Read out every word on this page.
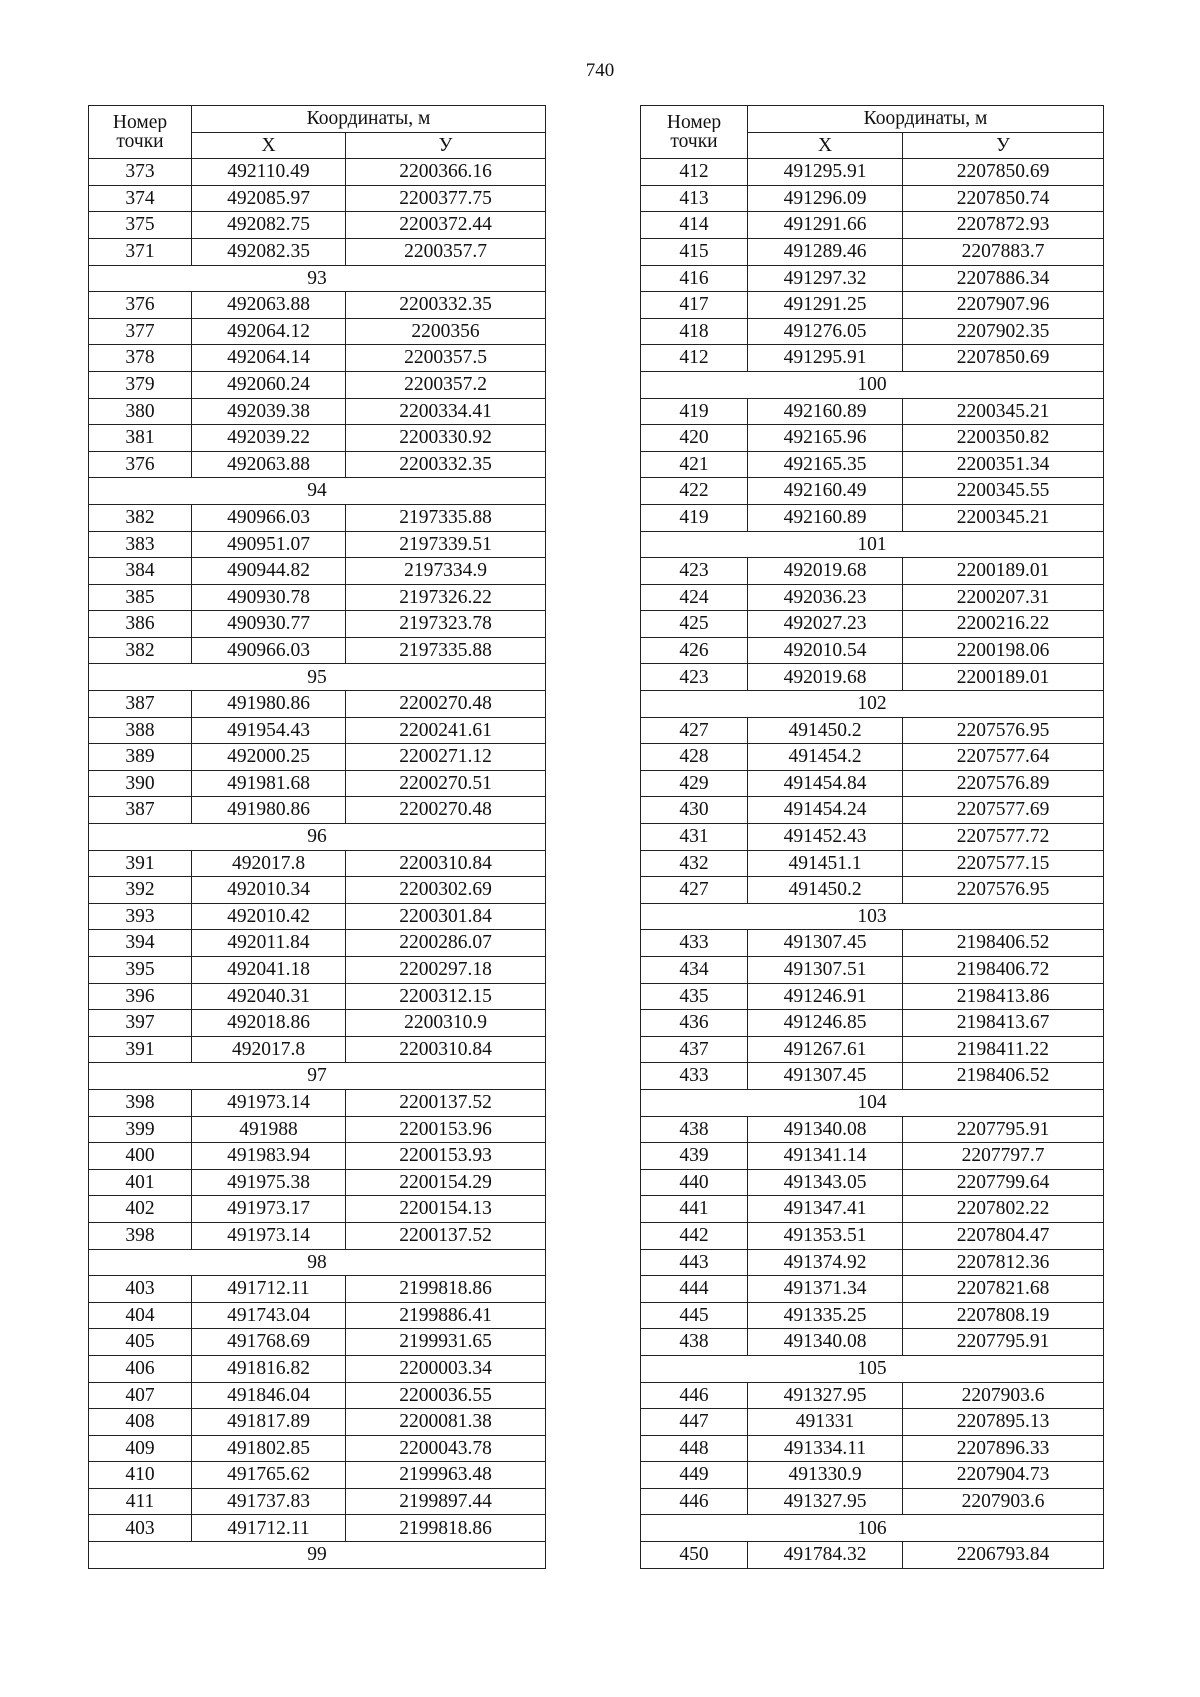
740
Номер	Координаты, м	
точки	X	У
373	492110.49	2200366.16
374	492085.97	2200377.75
375	492082.75	2200372.44
371	492082.35	2200357.7
93		
376	492063.88	2200332.35
377	492064.12	2200356
378	492064.14	2200357.5
379	492060.24	2200357.2
380	492039.38	2200334.41
381	492039.22	2200330.92
376	492063.88	2200332.35
94		
382	490966.03	2197335.88
383	490951.07	2197339.51
384	490944.82	2197334.9
385	490930.78	2197326.22
386	490930.77	2197323.78
382	490966.03	2197335.88
95		
387	491980.86	2200270.48
388	491954.43	2200241.61
389	492000.25	2200271.12
390	491981.68	2200270.51
387	491980.86	2200270.48
96		
391	492017.8	2200310.84
392	492010.34	2200302.69
393	492010.42	2200301.84
394	492011.84	2200286.07
395	492041.18	2200297.18
396	492040.31	2200312.15
397	492018.86	2200310.9
391	492017.8	2200310.84
97		
398	491973.14	2200137.52
399	491988	2200153.96
400	491983.94	2200153.93
401	491975.38	2200154.29
402	491973.17	2200154.13
398	491973.14	2200137.52
98		
403	491712.11	2199818.86
404	491743.04	2199886.41
405	491768.69	2199931.65
406	491816.82	2200003.34
407	491846.04	2200036.55
408	491817.89	2200081.38
409	491802.85	2200043.78
410	491765.62	2199963.48
411	491737.83	2199897.44
403	491712.11	2199818.86
99		
Номер	Координаты, м	
точки	X	У
412	491295.91	2207850.69
413	491296.09	2207850.74
414	491291.66	2207872.93
415	491289.46	2207883.7
416	491297.32	2207886.34
417	491291.25	2207907.96
418	491276.05	2207902.35
412	491295.91	2207850.69
100		
419	492160.89	2200345.21
420	492165.96	2200350.82
421	492165.35	2200351.34
422	492160.49	2200345.55
419	492160.89	2200345.21
101		
423	492019.68	2200189.01
424	492036.23	2200207.31
425	492027.23	2200216.22
426	492010.54	2200198.06
423	492019.68	2200189.01
102		
427	491450.2	2207576.95
428	491454.2	2207577.64
429	491454.84	2207576.89
430	491454.24	2207577.69
431	491452.43	2207577.72
432	491451.1	2207577.15
427	491450.2	2207576.95
103		
433	491307.45	2198406.52
434	491307.51	2198406.72
435	491246.91	2198413.86
436	491246.85	2198413.67
437	491267.61	2198411.22
433	491307.45	2198406.52
104		
438	491340.08	2207795.91
439	491341.14	2207797.7
440	491343.05	2207799.64
441	491347.41	2207802.22
442	491353.51	2207804.47
443	491374.92	2207812.36
444	491371.34	2207821.68
445	491335.25	2207808.19
438	491340.08	2207795.91
105		
446	491327.95	2207903.6
447	491331	2207895.13
448	491334.11	2207896.33
449	491330.9	2207904.73
446	491327.95	2207903.6
106		
450	491784.32	2206793.84
